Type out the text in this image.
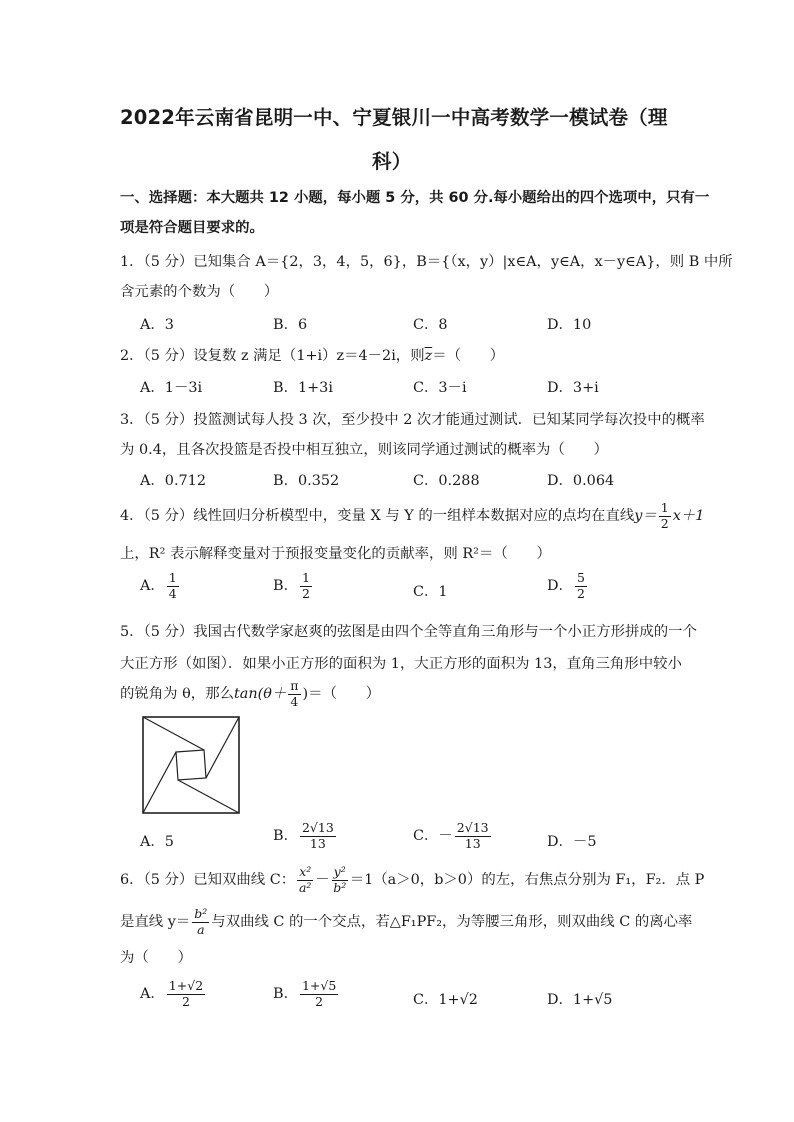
2022年云南省昆明一中、宁夏银川一中高考数学一模试卷（理
科）
一、选择题：本大题共 12 小题，每小题 5 分，共 60 分.每小题给出的四个选项中，只有一
项是符合题目要求的。
1．（5 分）已知集合 A＝{2，3，4，5，6}，B＝{（x，y）|x∈A，y∈A，x－y∈A}，则 B 中所
含元素的个数为（　　）
A．3	B．6	C．8	D．10
2．（5 分）设复数 z 满足（1+i）z＝4－2i，则$\overline{z}=$（　　）
A．1－3i	B．1+3i	C．3－i	D．3+i
3．（5 分）投篮测试每人投 3 次，至少投中 2 次才能通过测试．已知某同学每次投中的概率
为 0.4，且各次投篮是否投中相互独立，则该同学通过测试的概率为（　　）
A．0.712	B．0.352	C．0.288	D．0.064
4．（5 分）线性回归分析模型中，变量 X 与 Y 的一组样本数据对应的点均在直线$y= \frac{1}{2} x+1$
上，R² 表示解释变量对于预报变量变化的贡献率，则 R²＝（　　）
A． $\frac{1}{4}$	B． $\frac{1}{2}$	C．1	D． $\frac{5}{2}$
5．（5 分）我国古代数学家赵爽的弦图是由四个全等直角三角形与一个小正方形拼成的一个
大正方形（如图）．如果小正方形的面积为 1，大正方形的面积为 13，直角三角形中较小
的锐角为 θ，那么$\tan(\theta+ \frac{\pi}{4}$ )＝（　　）
A．5	B． $\frac{2√13}{13}$	C．－ $\frac{2√13}{13}$	D．－5
6．（5 分）已知双曲线 C： $\frac{\text{x²}}{\text{a²}} - \frac{\text{y²}}{\text{b²}} =1(a>0$，b＞0）的左，右焦点分别为 F₁，F₂．点 P
是直线 $y= \frac{\text{b²}}{a}$ 与双曲线 C 的一个交点，若△F₁PF₂，为等腰三角形，则双曲线 C 的离心率
为（　　）
A． $\frac{1+√2}{2}$	B． $\frac{1+√5}{2}$	C．1+√2	D．1+√5
